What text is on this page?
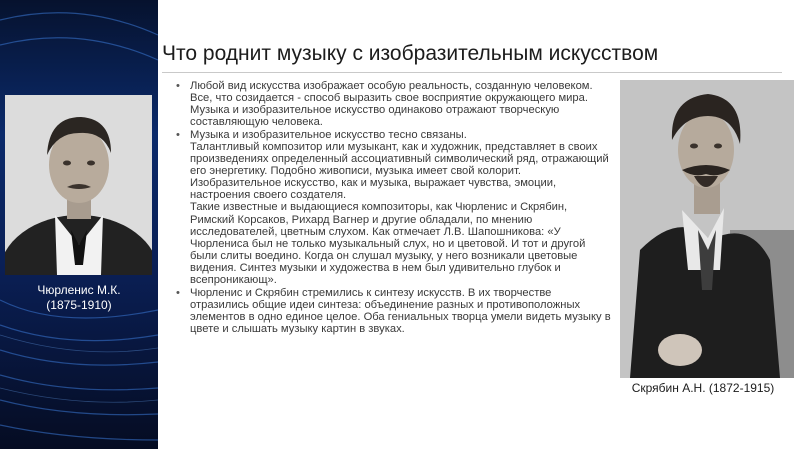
Чюрленис М.К.
(1875-1910)
Что роднит музыку с изобразительным искусством
• Любой вид искусства изображает особую реальность, созданную человеком. Все, что созидается - способ выразить свое восприятие окружающего мира. Музыка и изобразительное искусство одинаково отражают творческую составляющую человека.
• Музыка и изобразительное искусство тесно связаны.
Талантливый композитор или музыкант, как и художник, представляет в своих произведениях определенный ассоциативный символический ряд, отражающий его энергетику. Подобно живописи, музыка имеет свой колорит. Изобразительное искусство, как и музыка, выражает чувства, эмоции, настроения своего создателя.
Такие известные и выдающиеся композиторы, как Чюрленис и Скрябин, Римский Корсаков, Рихард Вагнер и другие обладали, по мнению исследователей, цветным слухом. Как отмечает Л.В. Шапошникова: «У Чюрлениса был не только музыкальный слух, но и цветовой. И тот и другой были слиты воедино. Когда он слушал музыку, у него возникали цветовые видения. Синтез музыки и художества в нем был удивительно глубок и всепроникающ».
• Чюрленис и Скрябин стремились к синтезу искусств. В их творчестве отразились общие идеи синтеза: объединение разных и противоположных элементов в одно единое целое. Оба гениальных творца умели видеть музыку в цвете и слышать музыку картин в звуках.
Скрябин А.Н. (1872-1915)
